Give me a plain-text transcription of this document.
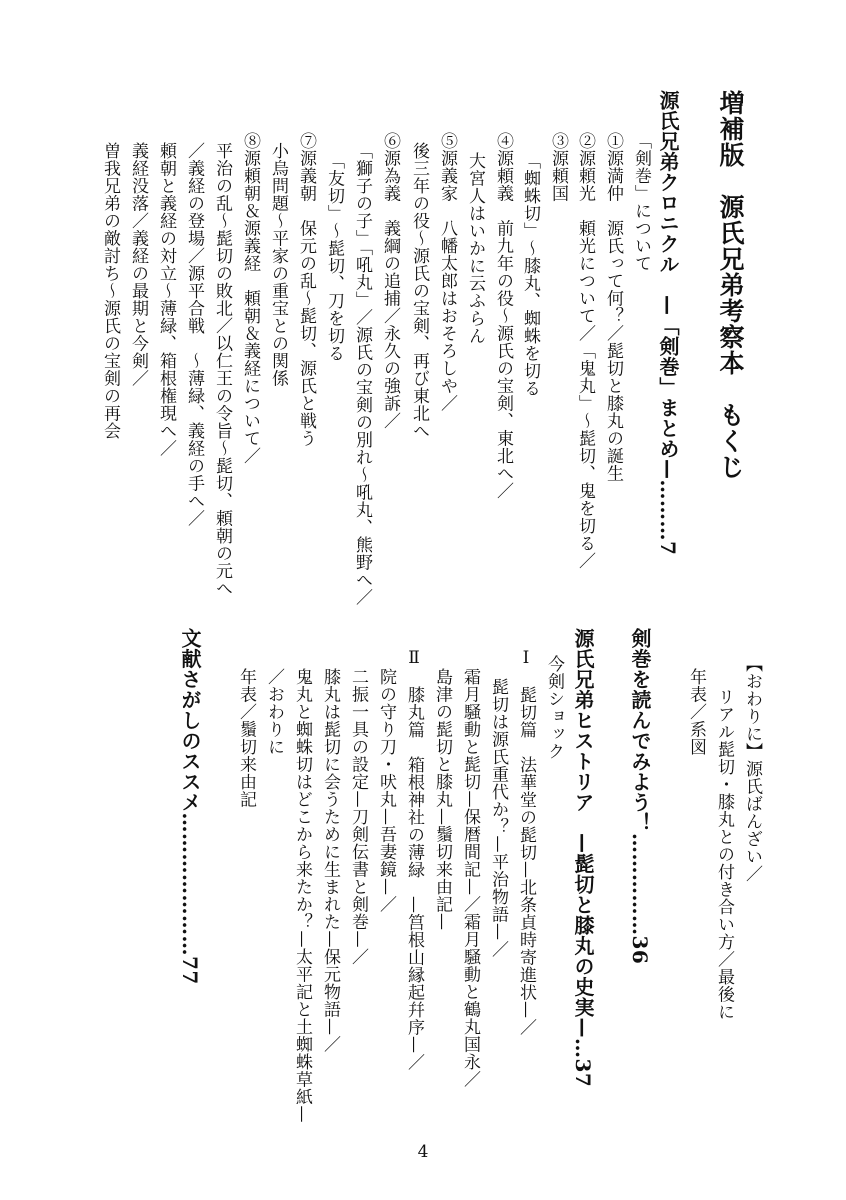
増補版　源氏兄弟考察本　もくじ
源氏兄弟クロニクル　—「剣巻」まとめ—………7
「剣巻」について
①源満仲　源氏って何？／髭切と膝丸の誕生
②源頼光　頼光について／「鬼丸」～髭切、鬼を切る／
③源頼国
「蜘蛛切」～膝丸、蜘蛛を切る
④源頼義　前九年の役～源氏の宝剣、東北へ／
大宮人はいかに云ふらん
⑤源義家　八幡太郎はおそろしや／
後三年の役～源氏の宝剣、再び東北へ
⑥源為義　義綱の追捕／永久の強訴／
「獅子の子」「吼丸」／源氏の宝剣の別れ～吼丸、熊野へ／
「友切」～髭切、刀を切る
⑦源義朝　保元の乱～髭切、源氏と戦う
小烏問題～平家の重宝との関係
⑧源頼朝＆源義経　頼朝＆義経について／
平治の乱～髭切の敗北／以仁王の令旨～髭切、頼朝の元へ
／義経の登場／源平合戦　～薄緑、義経の手へ／
頼朝と義経の対立～薄緑、箱根権現へ／
義経没落／義経の最期と今剣／
曽我兄弟の敵討ち～源氏の宝剣の再会
【おわりに】源氏ばんざい／
リアル髭切・膝丸との付き合い方／最後に
年表／系図
剣巻を読んでみよう！……………36
源氏兄弟ヒストリア　—髭切と膝丸の史実—…37
今剣ショック
Ⅰ　髭切篇　法華堂の髭切—北条貞時寄進状—／
髭切は源氏重代か？—平治物語—／
霜月騒動と髭切—保暦間記—／霜月騒動と鶴丸国永／
島津の髭切と膝丸—鬚切来由記—
Ⅱ　膝丸篇　箱根神社の薄緑　—筥根山縁起幷序—／
院の守り刀・吠丸—吾妻鏡—／
二振一具の設定—刀剣伝書と剣巻—／
膝丸は髭切に会うために生まれた—保元物語—／
鬼丸と蜘蛛切はどこから来たか？—太平記と土蜘蛛草紙—
／おわりに
年表／鬚切来由記
文献さがしのススメ…………………77
4
